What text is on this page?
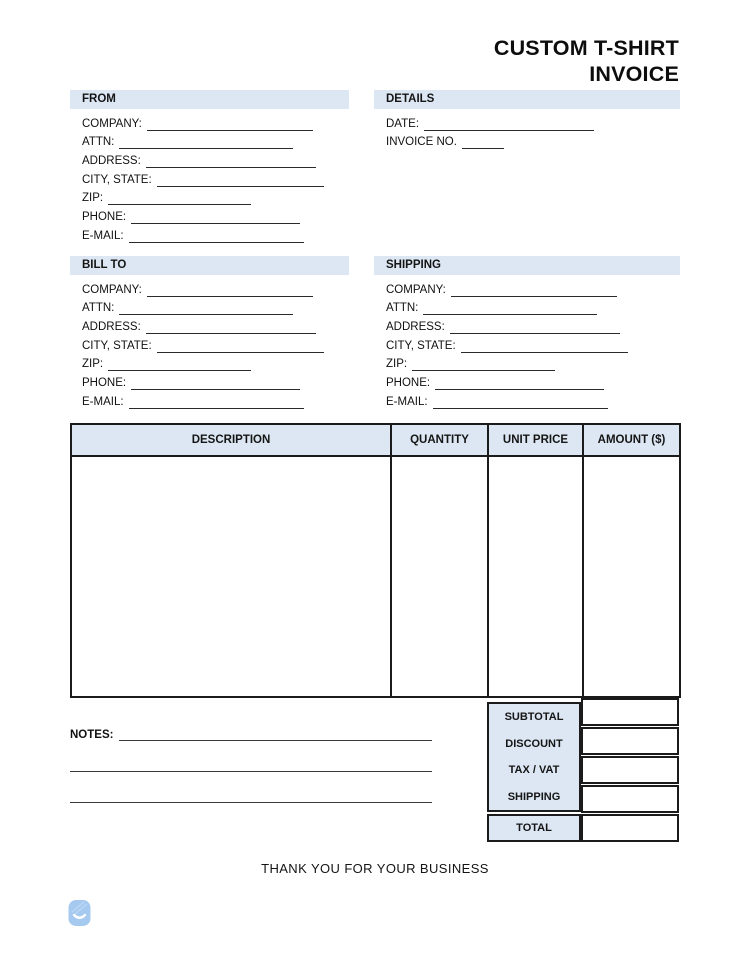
CUSTOM T-SHIRT
INVOICE
FROM
COMPANY:
ATTN:
ADDRESS:
CITY, STATE:
ZIP:
PHONE:
E-MAIL:
DETAILS
DATE:
INVOICE NO.
BILL TO
COMPANY:
ATTN:
ADDRESS:
CITY, STATE:
ZIP:
PHONE:
E-MAIL:
SHIPPING
COMPANY:
ATTN:
ADDRESS:
CITY, STATE:
ZIP:
PHONE:
E-MAIL:
DESCRIPTION	QUANTITY	UNIT PRICE	AMOUNT ($)

SUBTOTAL
DISCOUNT
TAX / VAT
SHIPPING
TOTAL
NOTES:
THANK YOU FOR YOUR BUSINESS
